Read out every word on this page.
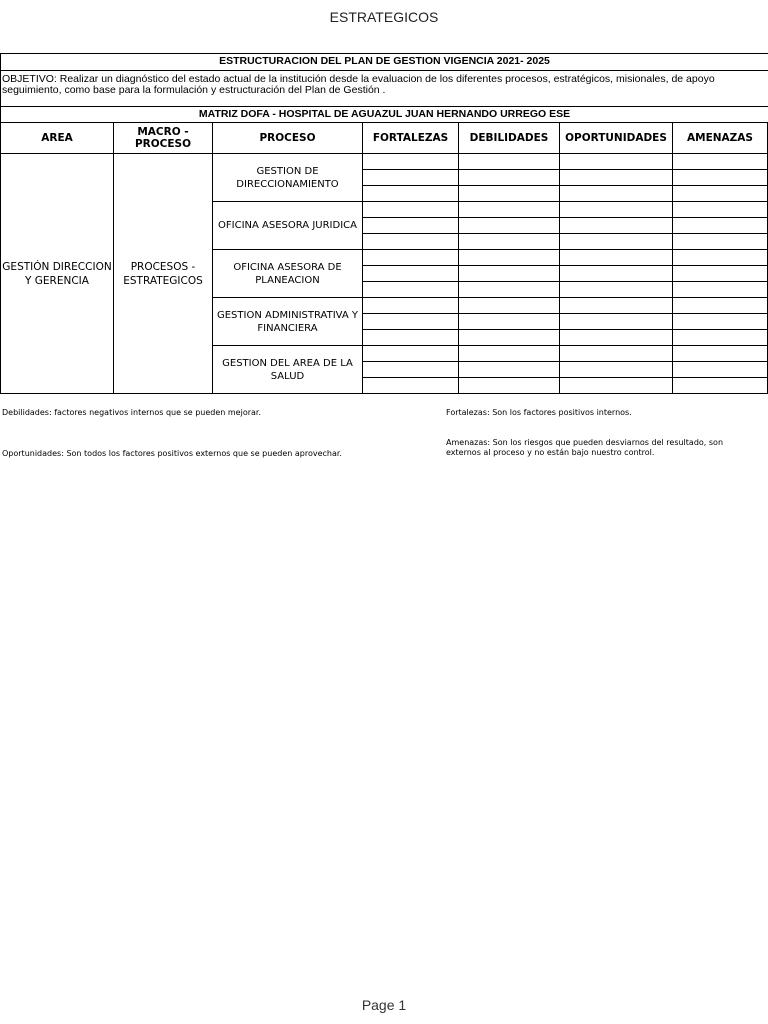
ESTRATEGICOS
ESTRUCTURACION DEL PLAN DE GESTION VIGENCIA 2021- 2025
OBJETIVO: Realizar un diagnóstico del estado actual de la institución desde la evaluacion de los diferentes procesos, estratégicos, misionales, de apoyo
seguimiento, como base para la formulación y estructuración del Plan de Gestión .
MATRIZ DOFA - HOSPITAL DE AGUAZUL JUAN HERNANDO URREGO ESE
AREA	MACRO -PROCESO	PROCESO	FORTALEZAS	DEBILIDADES	OPORTUNIDADES	AMENAZAS
GESTIÓN DIRECCION Y GERENCIA	PROCESOS - ESTRATEGICOS	GESTION DE DIRECCIONAMIENTO				

		OFICINA ASESORA JURIDICA				

		OFICINA ASESORA DE PLANEACION				

		GESTION ADMINISTRATIVA Y FINANCIERA				

		GESTION DEL AREA DE LA SALUD				

Debilidades: factores negativos internos que se pueden mejorar.	Fortalezas: Son los factores positivos internos.
Oportunidades: Son todos los factores positivos externos que se pueden aprovechar.
Amenazas: Son los riesgos que pueden desviarnos del resultado, son externos al proceso y no están bajo nuestro control.
Page 1
